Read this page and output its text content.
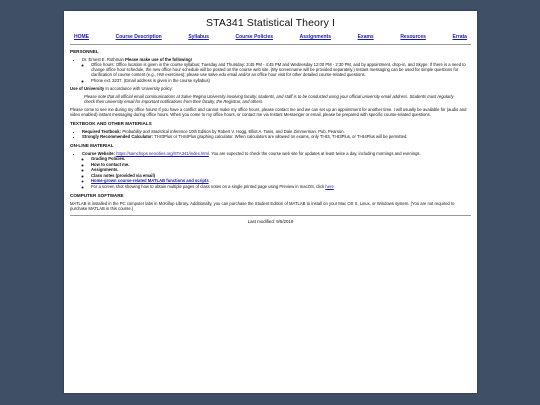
STA341 Statistical Theory I
HOME	Course Description	Syllabus	Course Policies	Assignments	Exams	Resources	Errata
PERSONNEL
• Dr. Ernest E. Rothman Please make use of the following!
◦ Office hours: Office location is given in the course syllabus; Tuesday and Thursday: 3:45 PM - 4:45 PM and Wednesday 12:00 PM - 2:30 PM, and by appointment, drop-in, and Skype. If there is a need to change office hour schedule, the new office hour schedule will be posted on the course web site. (My screenname will be provided separately.) Instant messaging can be used for simple questions for clarification of course content (e.g., HW exercises); please use salve.edu email and/or an office hour visit for other detailed course-related questions.
◦ Phone ext. 3237. (Email address is given in the course syllabus)

Use of University In accordance with University policy:

Please note that all official email communications at Salve Regina University involving faculty, students, and staff is to be conducted using your official university email address. Students must regularly check their university email for important notifications from their faculty, the Registrar, and others.

Please come to see me during my office hours! If you have a conflict and cannot make my office hours, please contact me and we can set up an appointment for another time. I will usually be available for (audio and video enabled) instant messaging during office hours. When you come to my office hours, or contact me via Instant Messenger or email, please be prepared with specific course-related questions.

TEXTBOOK AND OTHER MATERIALS
• Required Textbook: Probability and Statistical Inference 10th Edition by Robert V. Hogg, Elliot A. Tanis, and Dale Zimmerman. Pub. Pearson.
• Strongly Recommended Calculator: TI-83Plus or TI-84Plus graphing calculator. When calculators are allowed on exams, only TI-83, TI-83Plus, or TI-84Plus will be permitted.
ON-LINE MATERIAL
• Course Website: https://samchops.neocities.org/STA341/index.html. You are expected to check the course web site for updates at least twice a day, including mornings and evenings.
◦ Grading Policies.
◦ How to contact me.
◦ Assignments.
◦ Class notes (provided via email)
◦ Home-grown course-related MATLAB functions and scripts
◦ For a screen shot showing how to obtain multiple pages of class notes on a single printed page using Preview in macOS, click here
COMPUTER SOFTWARE

MATLAB is installed in the PC computer labs in McKillop Library. Additionally, you can purchase the Student Edition of MATLAB to install on your Mac OS X, Linux, or Windows system. (You are not required to purchase MATLAB in this course.)

Last modified: 9/5/2019
